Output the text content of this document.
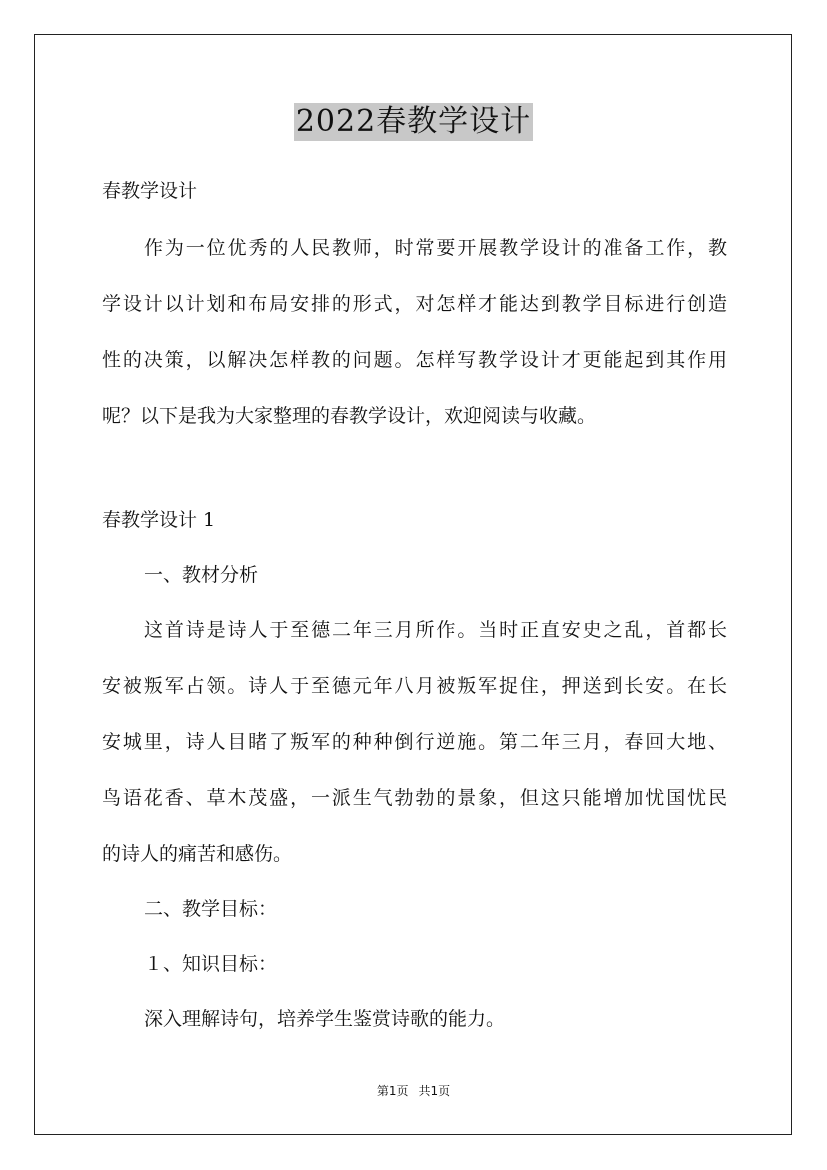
2022春教学设计
春教学设计
作为一位优秀的人民教师，时常要开展教学设计的准备工作，教
学设计以计划和布局安排的形式，对怎样才能达到教学目标进行创造
性的决策，以解决怎样教的问题。怎样写教学设计才更能起到其作用
呢？以下是我为大家整理的春教学设计，欢迎阅读与收藏。
春教学设计 1
一、教材分析
这首诗是诗人于至德二年三月所作。当时正直安史之乱，首都长
安被叛军占领。诗人于至德元年八月被叛军捉住，押送到长安。在长
安城里，诗人目睹了叛军的种种倒行逆施。第二年三月，春回大地、
鸟语花香、草木茂盛，一派生气勃勃的景象，但这只能增加忧国忧民
的诗人的痛苦和感伤。
二、教学目标：
１、知识目标：
深入理解诗句，培养学生鉴赏诗歌的能力。
第1页 共1页
